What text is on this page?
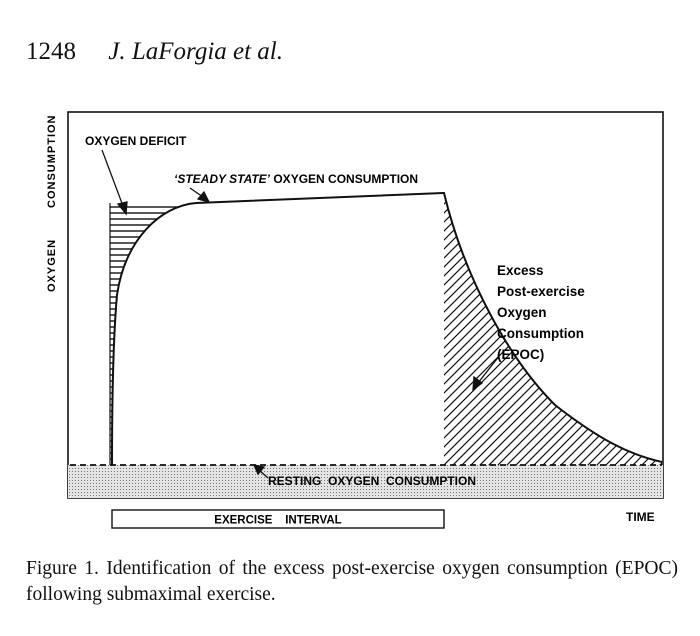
1248 J. LaForgia et al.
CONSUMPTION
OXYGEN
OXYGEN DEFICIT
‘STEADY STATE’ OXYGEN CONSUMPTION
Excess
Post-exercise
Oxygen
Consumption
(EPOC)
RESTING  OXYGEN  CONSUMPTION
EXERCISE    INTERVAL	TIME
Figure 1. Identification of the excess post-exercise oxygen consumption (EPOC) following submaximal exercise.
